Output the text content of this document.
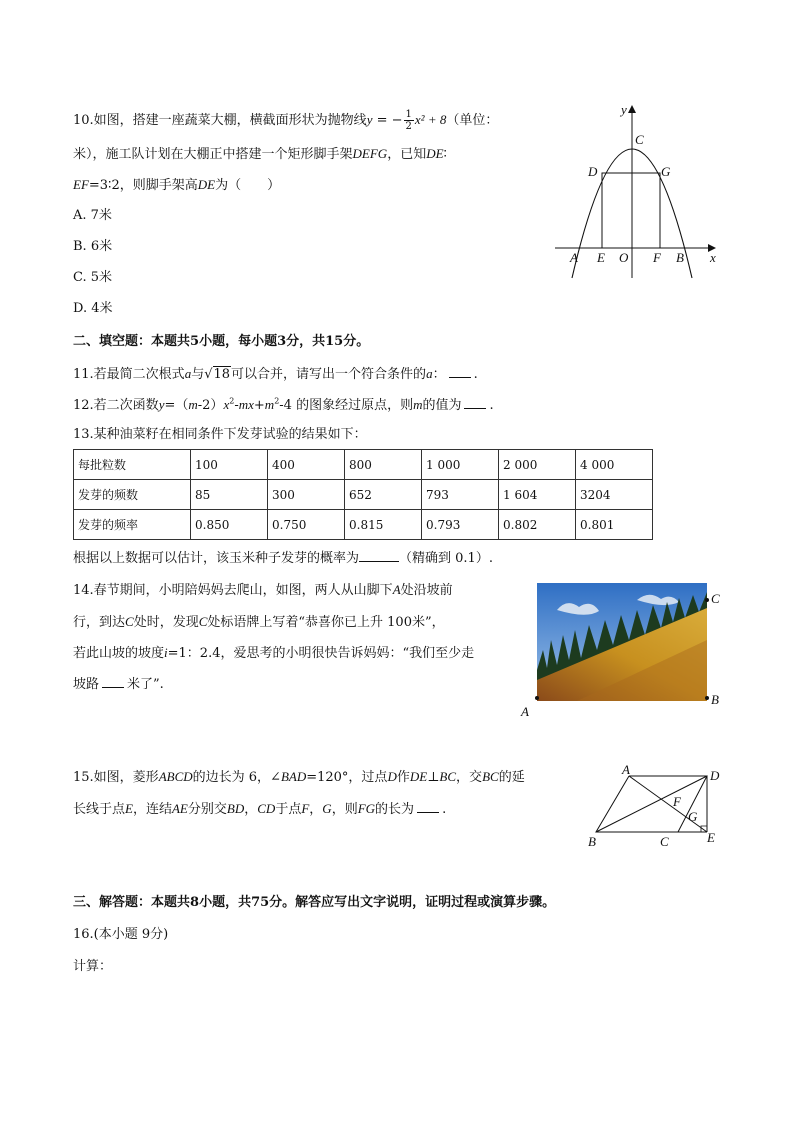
10.如图，搭建一座蔬菜大棚，横截面形状为抛物线y = − $\frac{1}{2} x^2 + 8$（单位：
米），施工队计划在大棚正中搭建一个矩形脚手架DEFG，已知DE∶
EF=3∶2，则脚手架高DE为（　　）
A. 7米
B. 6米
C. 5米
D. 4米
y
x
C
D	G
A E O F B
二、填空题：本题共5小题，每小题3分，共15分。
11.若最简二次根式a与√18可以合并，请写出一个符合条件的a： .
12.若二次函数$y=(m-2)x^2-mx+m^2-4$ 的图象经过原点，则m的值为 .
13.某种油菜籽在相同条件下发芽试验的结果如下：
每批粒数	100	400	800	1 000	2 000	4 000
发芽的频数	85	300	652	793	1 604	3204
发芽的频率	0.850	0.750	0.815	0.793	0.802	0.801
根据以上数据可以估计，该玉米种子发芽的概率为	（精确到 0.1）.
14.春节期间，小明陪妈妈去爬山，如图，两人从山脚下A处沿坡前
行，到达C处时，发现C处标语牌上写着“恭喜你已上升 100米”，
若此山坡的坡度i=1：2.4，爱思考的小明很快告诉妈妈：“我们至少走
坡路 米了”.
C
A
B
15.如图，菱形ABCD的边长为 6，∠BAD=120°，过点D作DE⊥BC，交BC的延
长线于点E，连结AE分别交BD，CD于点F，G，则FG的长为 .
A	D
F
G
B	C	E
三、解答题：本题共8小题，共75分。解答应写出文字说明，证明过程或演算步骤。
16.(本小题 9分)
计算：
